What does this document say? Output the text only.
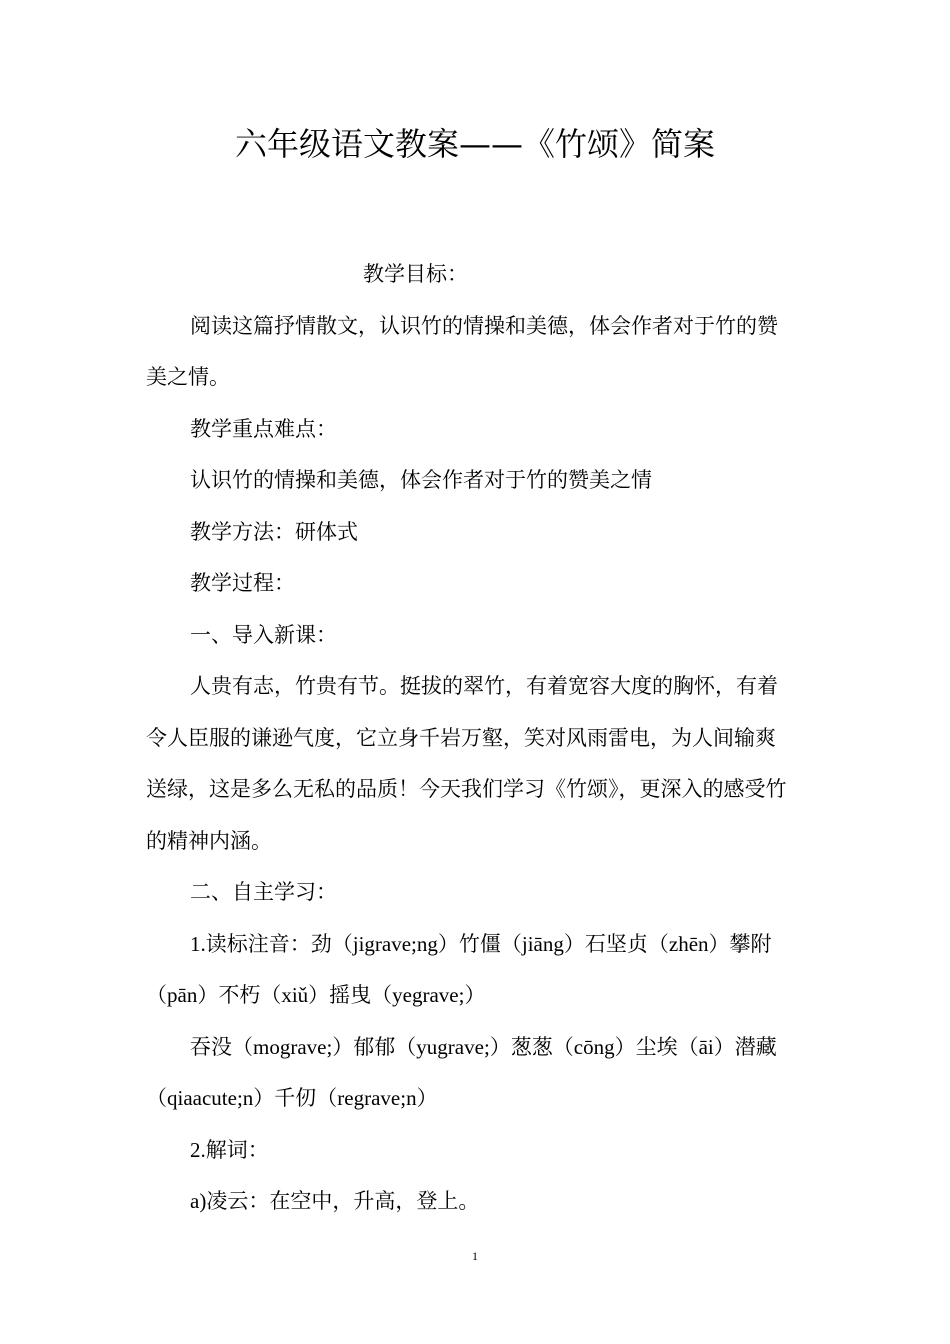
六年级语文教案——《竹颂》简案

教学目标：

阅读这篇抒情散文，认识竹的情操和美德，体会作者对于竹的赞美之情。

教学重点难点：

认识竹的情操和美德，体会作者对于竹的赞美之情

教学方法：研体式

教学过程：

一、导入新课：

人贵有志，竹贵有节。挺拔的翠竹，有着宽容大度的胸怀，有着令人臣服的谦逊气度，它立身千岩万壑，笑对风雨雷电，为人间输爽送绿，这是多么无私的品质！今天我们学习《竹颂》，更深入的感受竹的精神内涵。

二、自主学习：

1.读标注音：劲（jigrave;ng）竹僵（jiāng）石坚贞（zhēn）攀附（pān）不朽（xiǔ）摇曳（yegrave;）

吞没（mograve;）郁郁（yugrave;）葱葱（cōng）尘埃（āi）潜藏（qiaacute;n）千仞（regrave;n）

2.解词：

a)凌云：在空中，升高，登上。

1
